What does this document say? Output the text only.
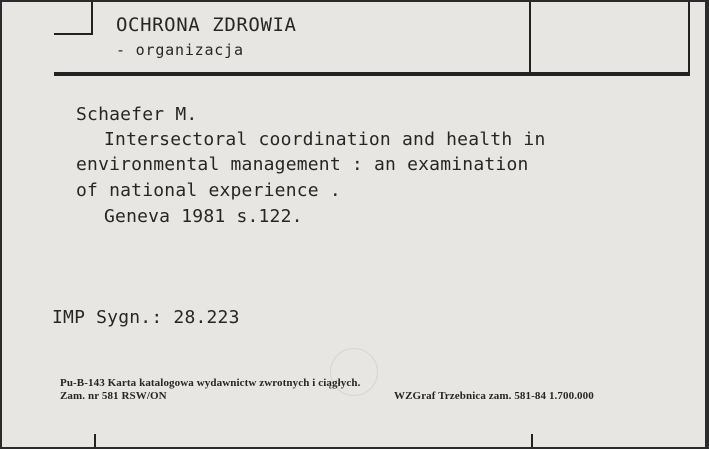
OCHRONA ZDROWIA
- organizacja
Schaefer M.
Intersectoral coordination and health in
environmental management : an examination
of national experience .
Geneva 1981 s.122.
IMP Sygn.: 28.223
Pu-B-143 Karta katalogowa wydawnictw zwrotnych i ciągłych.
Zam. nr 581 RSW/ON	WZGraf Trzebnica zam. 581-84 1.700.000
